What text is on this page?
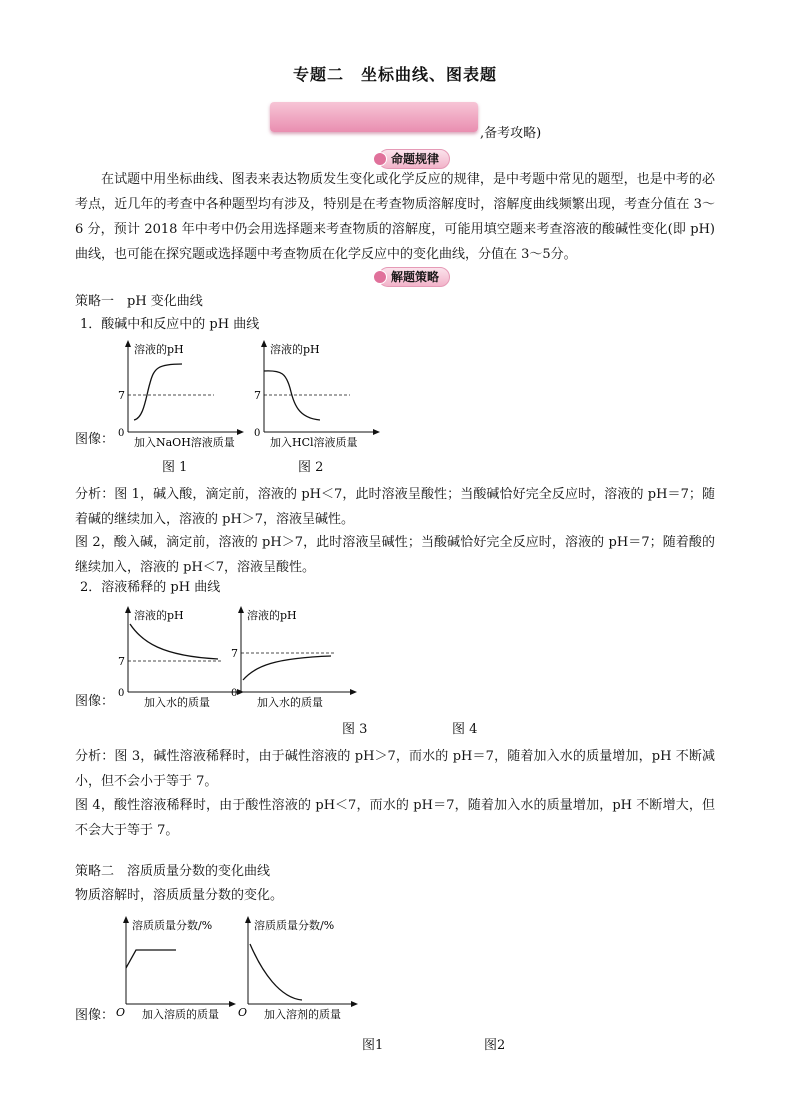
专题二　坐标曲线、图表题
,备考攻略)
命题规律
在试题中用坐标曲线、图表来表达物质发生变化或化学反应的规律，是中考题中常见的题型，也是中考的必考点，近几年的考查中各种题型均有涉及，特别是在考查物质溶解度时，溶解度曲线频繁出现，考查分值在 3～6 分，预计 2018 年中考中仍会用选择题来考查物质的溶解度，可能用填空题来考查溶液的酸碱性变化(即 pH)曲线，也可能在探究题或选择题中考查物质在化学反应中的变化曲线，分值在 3～5分。
解题策略
策略一　pH 变化曲线
1．酸碱中和反应中的 pH 曲线
图像：
溶液的pH
7
0
加入NaOH溶液质量
溶液的pH
7
0
加入HCl溶液质量
图 1	图 2
分析：图 1，碱入酸，滴定前，溶液的 pH＜7，此时溶液呈酸性；当酸碱恰好完全反应时，溶液的 pH＝7；随着碱的继续加入，溶液的 pH＞7，溶液呈碱性。
图 2，酸入碱，滴定前，溶液的 pH＞7，此时溶液呈碱性；当酸碱恰好完全反应时，溶液的 pH＝7；随着酸的继续加入，溶液的 pH＜7，溶液呈酸性。
2．溶液稀释的 pH 曲线
图像：
溶液的pH
7
0
加入水的质量
溶液的pH
7
0
加入水的质量
图 3	图 4
分析：图 3，碱性溶液稀释时，由于碱性溶液的 pH＞7，而水的 pH＝7，随着加入水的质量增加，pH 不断减小，但不会小于等于 7。
图 4，酸性溶液稀释时，由于酸性溶液的 pH＜7，而水的 pH＝7，随着加入水的质量增加，pH 不断增大，但不会大于等于 7。
策略二　溶质质量分数的变化曲线
物质溶解时，溶质质量分数的变化。
图像：
溶质质量分数/%
O 加入溶质的质量
溶质质量分数/%
O 加入溶剂的质量
图1	图2
